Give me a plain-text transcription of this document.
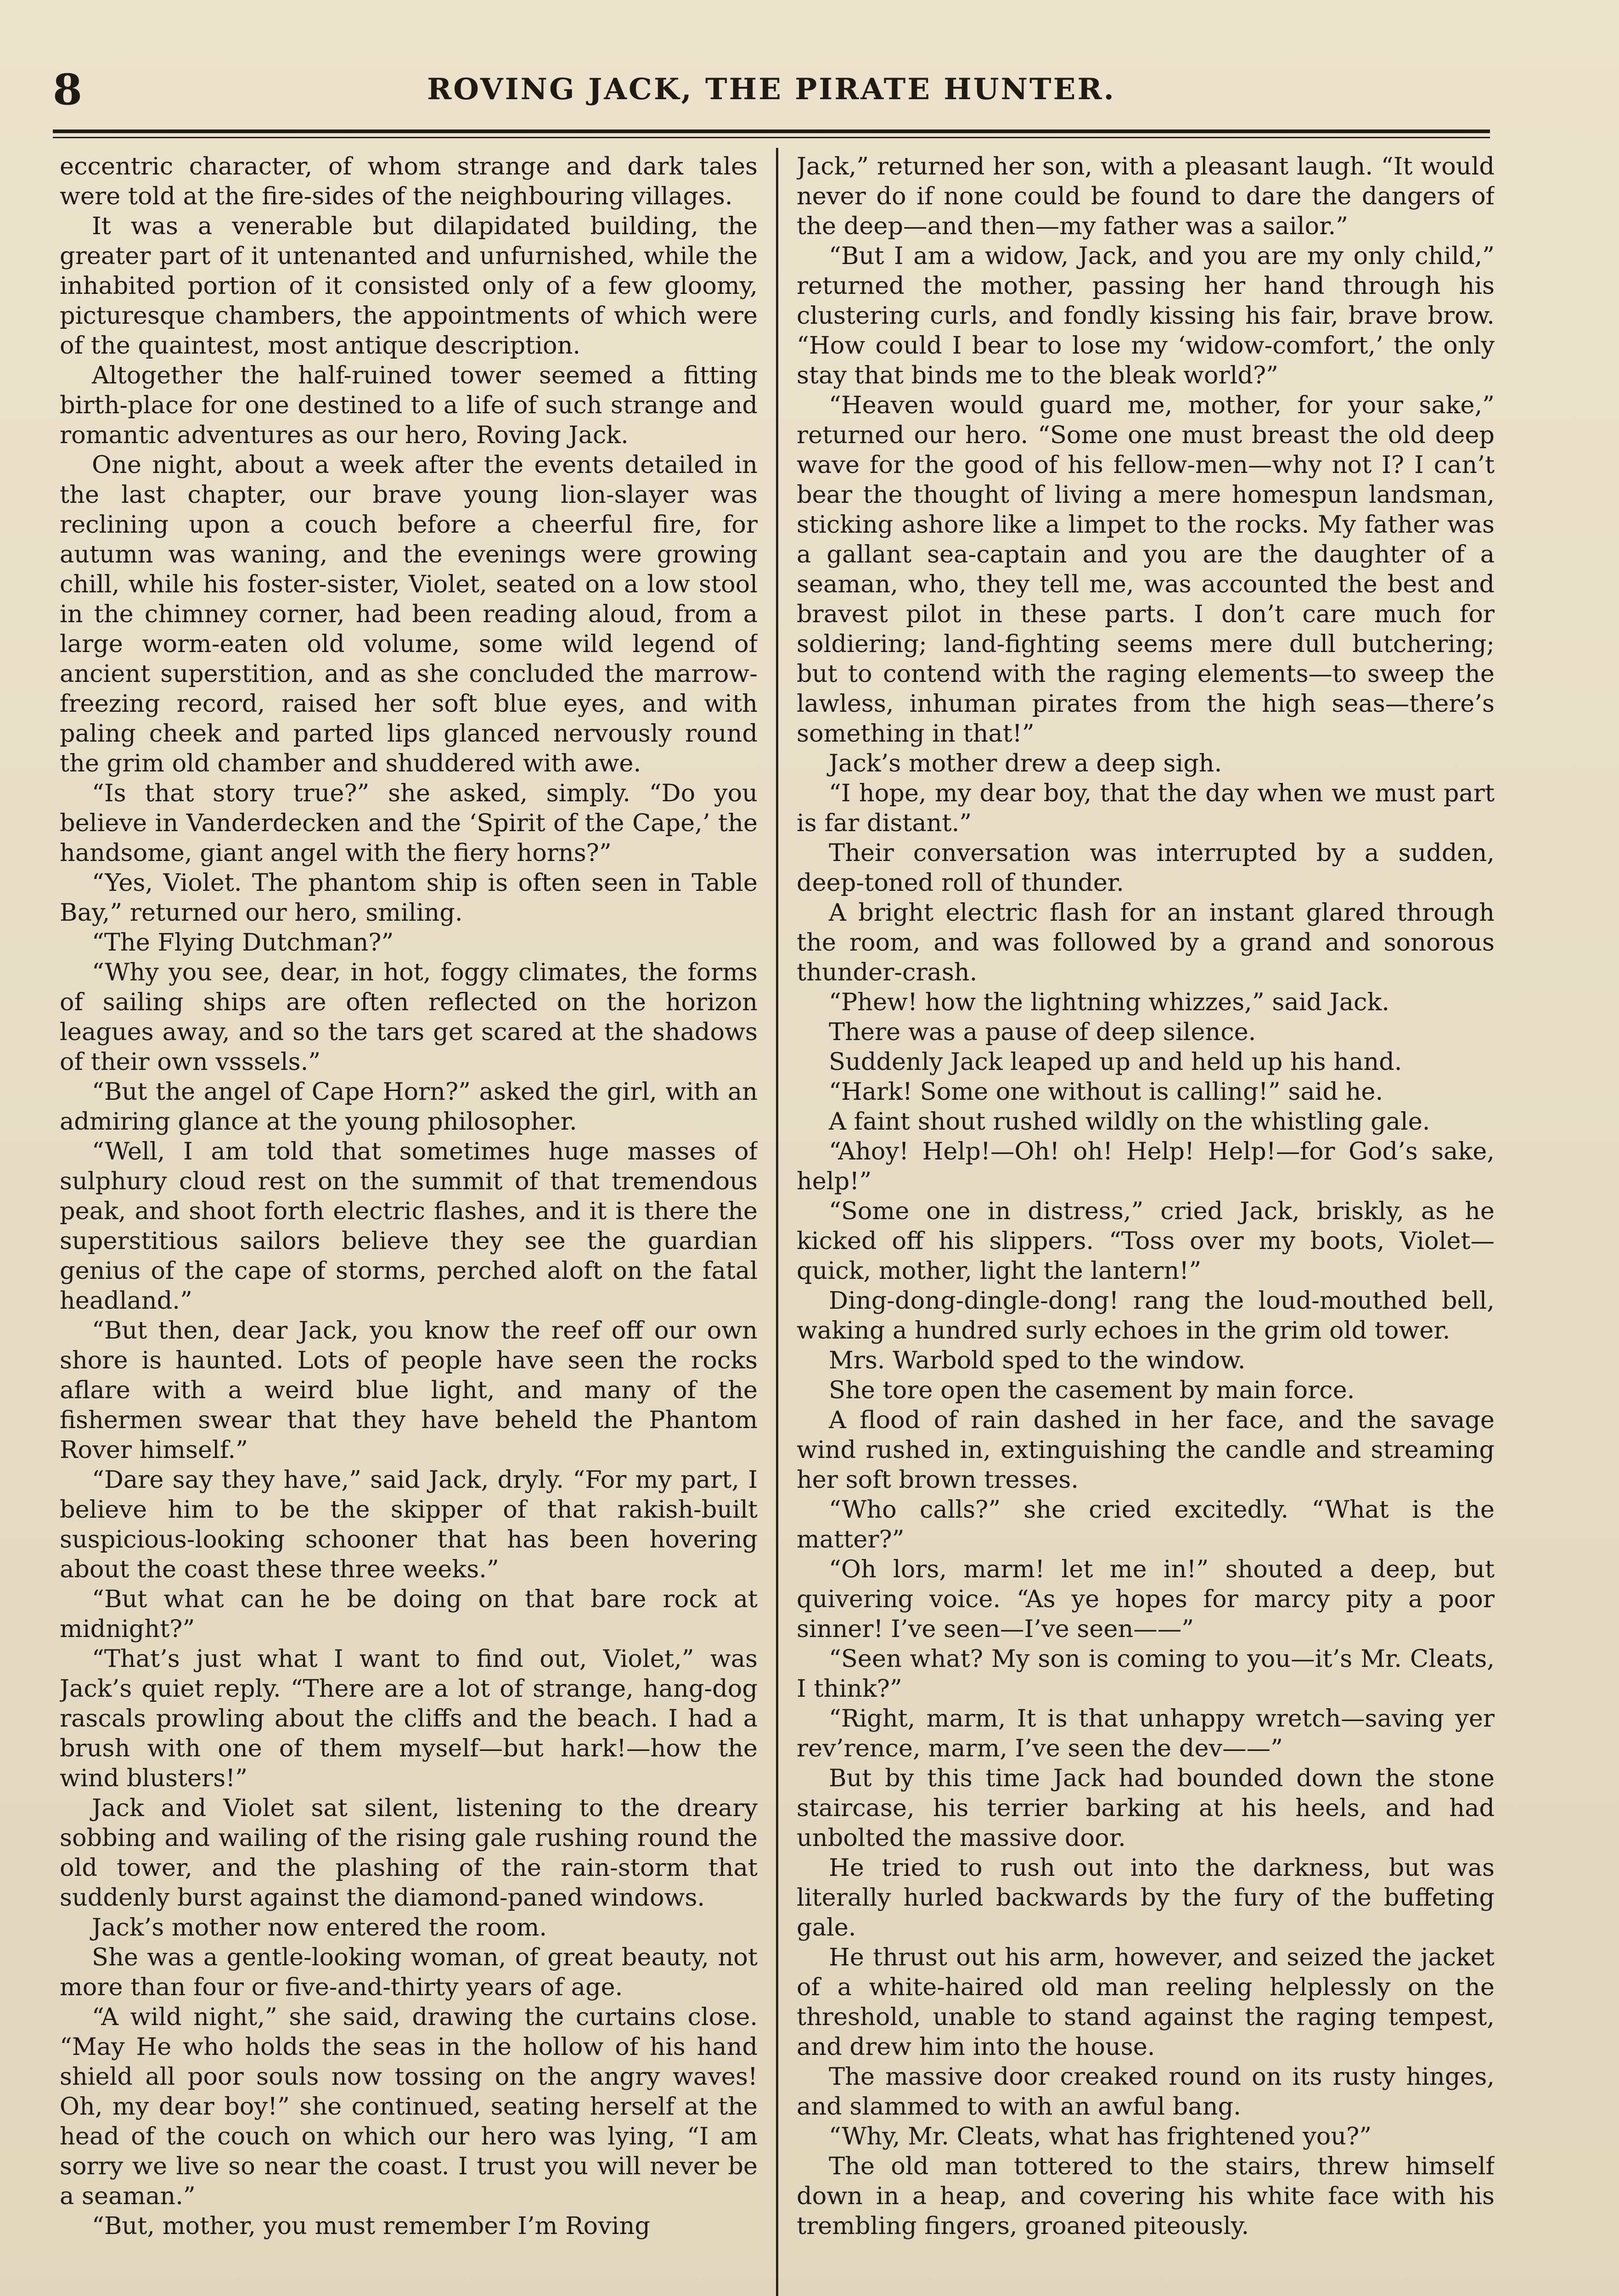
8	ROVING JACK, THE PIRATE HUNTER.

eccentric character, of whom strange and dark tales were told at the fire-sides of the neighbouring villages.

It was a venerable but dilapidated building, the greater part of it untenanted and unfurnished, while the inhabited portion of it consisted only of a few gloomy, picturesque chambers, the appointments of which were of the quaintest, most antique description.

Altogether the half-ruined tower seemed a fitting birth-place for one destined to a life of such strange and romantic adventures as our hero, Roving Jack.

One night, about a week after the events detailed in the last chapter, our brave young lion-slayer was reclining upon a couch before a cheerful fire, for autumn was waning, and the evenings were growing chill, while his foster-sister, Violet, seated on a low stool in the chimney corner, had been reading aloud, from a large worm-eaten old volume, some wild legend of ancient superstition, and as she concluded the marrow-freezing record, raised her soft blue eyes, and with paling cheek and parted lips glanced nervously round the grim old chamber and shuddered with awe.

“Is that story true?” she asked, simply. “Do you believe in Vanderdecken and the ‘Spirit of the Cape,’ the handsome, giant angel with the fiery horns?”

“Yes, Violet. The phantom ship is often seen in Table Bay,” returned our hero, smiling.

“The Flying Dutchman?”

“Why you see, dear, in hot, foggy climates, the forms of sailing ships are often reflected on the horizon leagues away, and so the tars get scared at the shadows of their own vsssels.”

“But the angel of Cape Horn?” asked the girl, with an admiring glance at the young philosopher.

“Well, I am told that sometimes huge masses of sulphury cloud rest on the summit of that tremendous peak, and shoot forth electric flashes, and it is there the superstitious sailors believe they see the guardian genius of the cape of storms, perched aloft on the fatal headland.”

“But then, dear Jack, you know the reef off our own shore is haunted. Lots of people have seen the rocks aflare with a weird blue light, and many of the fishermen swear that they have beheld the Phantom Rover himself.”

“Dare say they have,” said Jack, dryly. “For my part, I believe him to be the skipper of that rakish-built suspicious-looking schooner that has been hovering about the coast these three weeks.”

“But what can he be doing on that bare rock at midnight?”

“That’s just what I want to find out, Violet,” was Jack’s quiet reply. “There are a lot of strange, hang-dog rascals prowling about the cliffs and the beach. I had a brush with one of them myself—but hark!—how the wind blusters!”

Jack and Violet sat silent, listening to the dreary sobbing and wailing of the rising gale rushing round the old tower, and the plashing of the rain-storm that suddenly burst against the diamond-paned windows.

Jack’s mother now entered the room.

She was a gentle-looking woman, of great beauty, not more than four or five-and-thirty years of age.

“A wild night,” she said, drawing the curtains close. “May He who holds the seas in the hollow of his hand shield all poor souls now tossing on the angry waves! Oh, my dear boy!” she continued, seating herself at the head of the couch on which our hero was lying, “I am sorry we live so near the coast. I trust you will never be a seaman.”

“But, mother, you must remember I’m Roving

Jack,” returned her son, with a pleasant laugh. “It would never do if none could be found to dare the dangers of the deep—and then—my father was a sailor.”

“But I am a widow, Jack, and you are my only child,” returned the mother, passing her hand through his clustering curls, and fondly kissing his fair, brave brow. “How could I bear to lose my ‘widow-comfort,’ the only stay that binds me to the bleak world?”

“Heaven would guard me, mother, for your sake,” returned our hero. “Some one must breast the old deep wave for the good of his fellow-men—why not I? I can’t bear the thought of living a mere homespun landsman, sticking ashore like a limpet to the rocks. My father was a gallant sea-captain and you are the daughter of a seaman, who, they tell me, was accounted the best and bravest pilot in these parts. I don’t care much for soldiering; land-fighting seems mere dull butchering; but to contend with the raging elements—to sweep the lawless, inhuman pirates from the high seas—there’s something in that!”

Jack’s mother drew a deep sigh.

“I hope, my dear boy, that the day when we must part is far distant.”

Their conversation was interrupted by a sudden, deep-toned roll of thunder.

A bright electric flash for an instant glared through the room, and was followed by a grand and sonorous thunder-crash.

“Phew! how the lightning whizzes,” said Jack.

There was a pause of deep silence.

Suddenly Jack leaped up and held up his hand.

“Hark! Some one without is calling!” said he.

A faint shout rushed wildly on the whistling gale.

“Ahoy! Help!—Oh! oh! Help! Help!—for God’s sake, help!”

“Some one in distress,” cried Jack, briskly, as he kicked off his slippers. “Toss over my boots, Violet—quick, mother, light the lantern!”

Ding-dong-dingle-dong! rang the loud-mouthed bell, waking a hundred surly echoes in the grim old tower.

Mrs. Warbold sped to the window.

She tore open the casement by main force.

A flood of rain dashed in her face, and the savage wind rushed in, extinguishing the candle and streaming her soft brown tresses.

“Who calls?” she cried excitedly. “What is the matter?”

“Oh lors, marm! let me in!” shouted a deep, but quivering voice. “As ye hopes for marcy pity a poor sinner! I’ve seen—I’ve seen——”

“Seen what? My son is coming to you—it’s Mr. Cleats, I think?”

“Right, marm, It is that unhappy wretch—saving yer rev’rence, marm, I’ve seen the dev——”

But by this time Jack had bounded down the stone staircase, his terrier barking at his heels, and had unbolted the massive door.

He tried to rush out into the darkness, but was literally hurled backwards by the fury of the buffeting gale.

He thrust out his arm, however, and seized the jacket of a white-haired old man reeling helplessly on the threshold, unable to stand against the raging tempest, and drew him into the house.

The massive door creaked round on its rusty hinges, and slammed to with an awful bang.

“Why, Mr. Cleats, what has frightened you?”

The old man tottered to the stairs, threw himself down in a heap, and covering his white face with his trembling fingers, groaned piteously.
